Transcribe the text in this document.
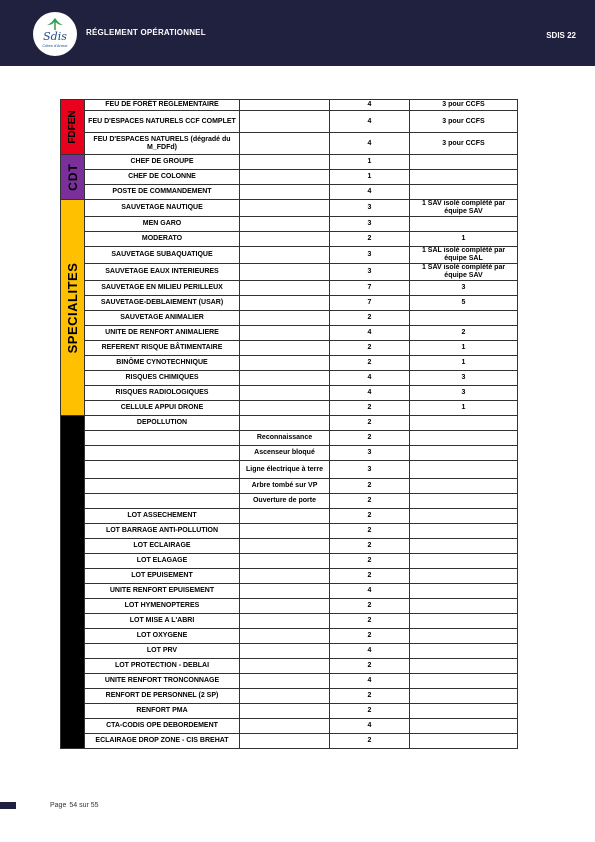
Sdis
Côtes d'Armor
RÉGLEMENT OPÉRATIONNEL	SDIS 22
FDFEN	FEU DE FORÊT REGLEMENTAIRE		4	3 pour CCFS
	FEU D'ESPACES NATURELS CCF COMPLET		4	3 pour CCFS
	FEU D'ESPACES NATURELS (dégradé du M_FDFd)		4	3 pour CCFS

CDT	CHEF DE GROUPE		1	
	CHEF DE COLONNE		1	
	POSTE DE COMMANDEMENT		4	

SPECIALITES	SAUVETAGE NAUTIQUE		3	1 SAV isolé complété par équipe SAV
	MEN GARO		3	
	MODERATO		2	1
	SAUVETAGE SUBAQUATIQUE		3	1 SAL isolé complété par équipe SAL
	SAUVETAGE EAUX INTERIEURES		3	1 SAV isolé complété par équipe SAV
	SAUVETAGE EN MILIEU PERILLEUX		7	3
	SAUVETAGE-DEBLAIEMENT (USAR)		7	5
	SAUVETAGE ANIMALIER		2	
	UNITE DE RENFORT ANIMALIERE		4	2
	REFERENT RISQUE BÂTIMENTAIRE		2	1
	BINÔME CYNOTECHNIQUE		2	1
	RISQUES CHIMIQUES		4	3
	RISQUES RADIOLOGIQUES		4	3
	CELLULE APPUI DRONE		2	1

OPERATIONS DIVERSES	DEPOLLUTION		2	
		Reconnaissance	2	
		Ascenseur bloqué	3	
		Ligne électrique à terre	3	
		Arbre tombé sur VP	2	
		Ouverture de porte	2	
	LOT ASSECHEMENT		2	
	LOT BARRAGE ANTI-POLLUTION		2	
	LOT ECLAIRAGE		2	
	LOT ELAGAGE		2	
	LOT EPUISEMENT		2	
	UNITE RENFORT EPUISEMENT		4	
	LOT HYMENOPTERES		2	
	LOT MISE A L'ABRI		2	
	LOT OXYGENE		2	
	LOT PRV		4	
	LOT PROTECTION - DEBLAI		2	
	UNITE RENFORT TRONCONNAGE		4	
	RENFORT DE PERSONNEL (2 SP)		2	
	RENFORT PMA		2	
	CTA-CODIS OPE DEBORDEMENT		4	
	ECLAIRAGE DROP ZONE - CIS BREHAT		2	
Page 54 sur 55
